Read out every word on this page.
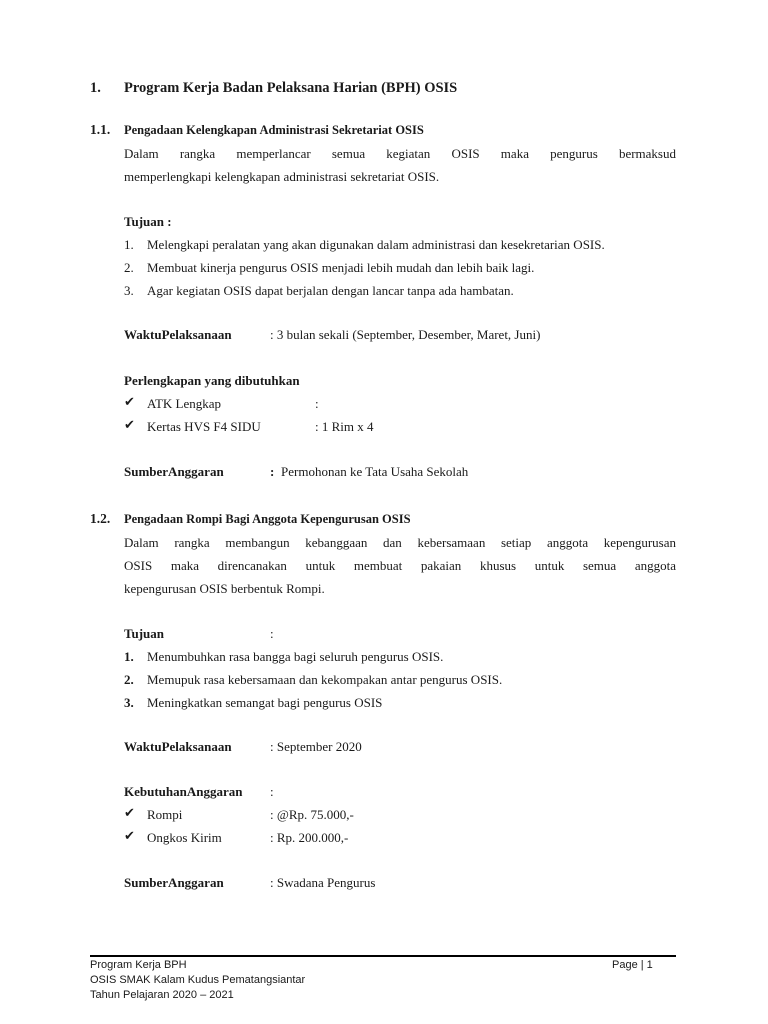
1. Program Kerja Badan Pelaksana Harian (BPH) OSIS
1.1. Pengadaan Kelengkapan Administrasi Sekretariat OSIS
Dalam rangka memperlancar semua kegiatan OSIS maka pengurus bermaksud
memperlengkapi kelengkapan administrasi sekretariat OSIS.
Tujuan :
1. Melengkapi peralatan yang akan digunakan dalam administrasi dan kesekretarian OSIS.
2. Membuat kinerja pengurus OSIS menjadi lebih mudah dan lebih baik lagi.
3. Agar kegiatan OSIS dapat berjalan dengan lancar tanpa ada hambatan.
WaktuPelaksanaan	: 3 bulan sekali (September, Desember, Maret, Juni)
Perlengkapan yang dibutuhkan
✔ ATK Lengkap	:
✔ Kertas HVS F4 SIDU	: 1 Rim x 4
SumberAnggaran	: Permohonan ke Tata Usaha Sekolah
1.2. Pengadaan Rompi Bagi Anggota Kepengurusan OSIS
Dalam rangka membangun kebanggaan dan kebersamaan setiap anggota kepengurusan
OSIS maka direncanakan untuk membuat pakaian khusus untuk semua anggota
kepengurusan OSIS berbentuk Rompi.
Tujuan	:
1. Menumbuhkan rasa bangga bagi seluruh pengurus OSIS.
2. Memupuk rasa kebersamaan dan kekompakan antar pengurus OSIS.
3. Meningkatkan semangat bagi pengurus OSIS
WaktuPelaksanaan	: September 2020
KebutuhanAnggaran :
✔ Rompi	: @Rp. 75.000,-
✔ Ongkos Kirim	: Rp. 200.000,-
SumberAnggaran	: Swadana Pengurus
Program Kerja BPH
OSIS SMAK Kalam Kudus Pematangsiantar
Tahun Pelajaran 2020 – 2021
Page | 1
